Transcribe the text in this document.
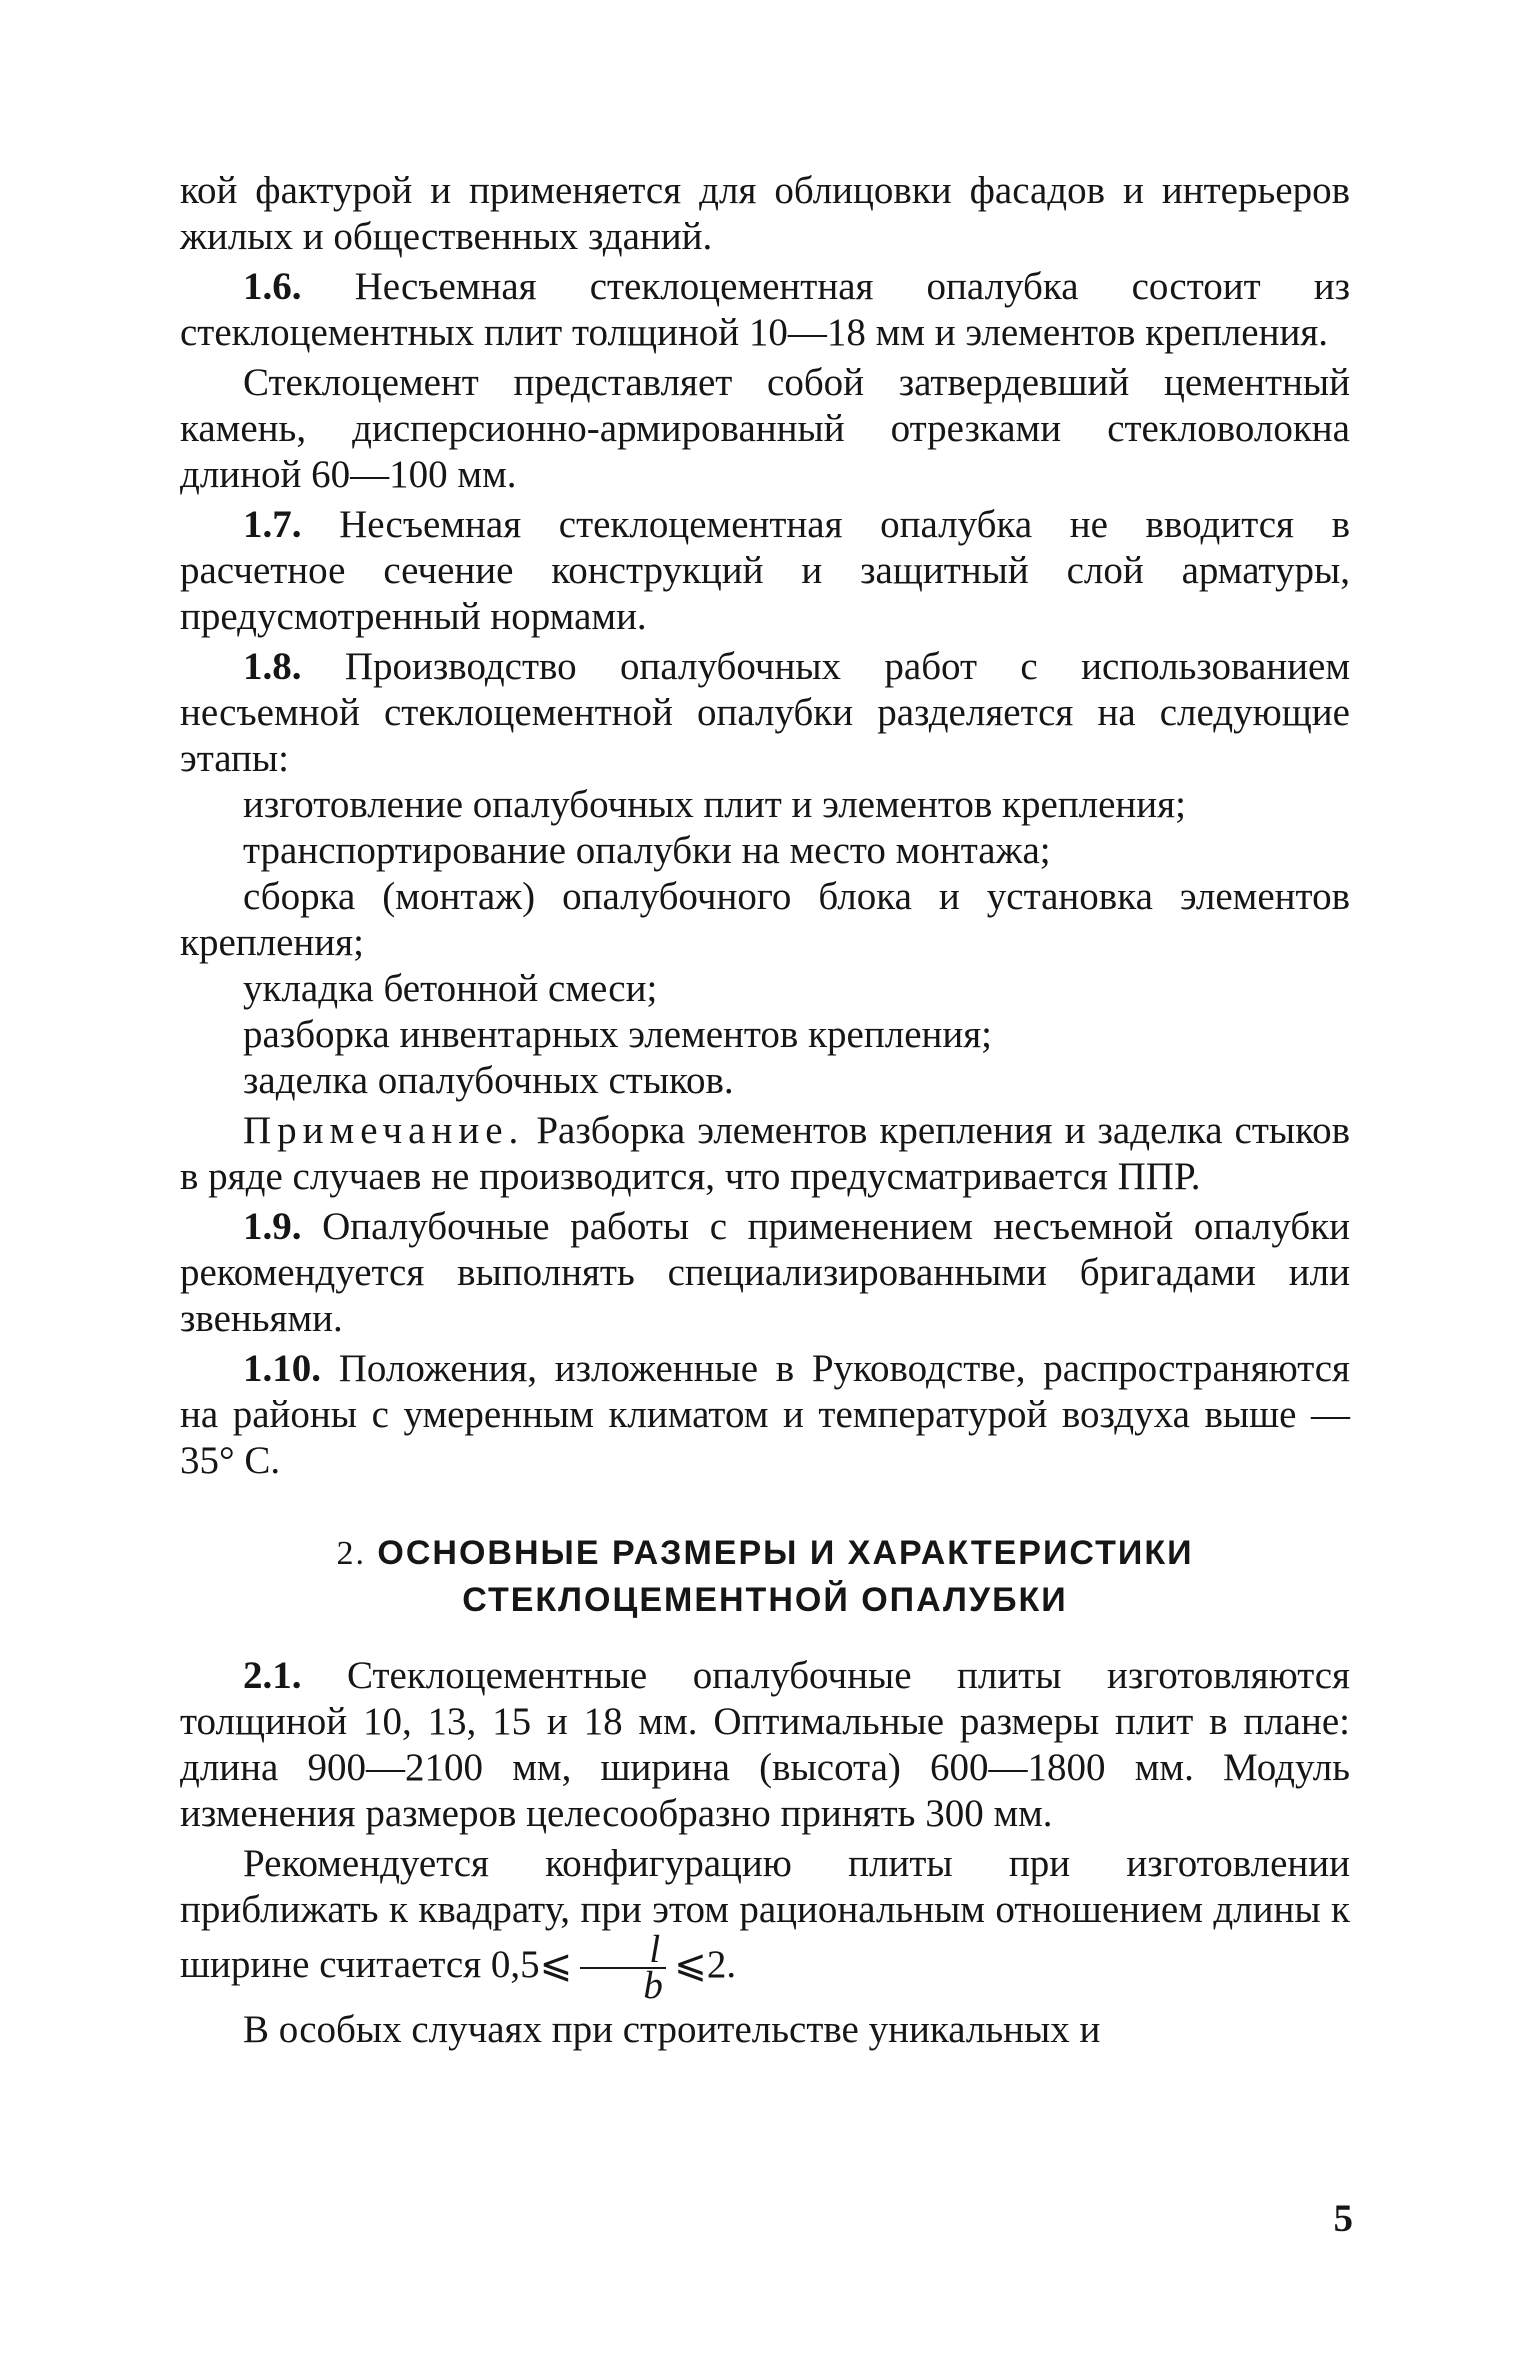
кой фактурой и применяется для облицовки фасадов и интерьеров жилых и общественных зданий.

1.6. Несъемная стеклоцементная опалубка состоит из стеклоцементных плит толщиной 10—18 мм и элементов крепления.

Стеклоцемент представляет собой затвердевший цементный камень, дисперсионно-армированный отрезками стекловолокна длиной 60—100 мм.

1.7. Несъемная стеклоцементная опалубка не вводится в расчетное сечение конструкций и защитный слой арматуры, предусмотренный нормами.

1.8. Производство опалубочных работ с использованием несъемной стеклоцементной опалубки разделяется на следующие этапы:

изготовление опалубочных плит и элементов крепления;

транспортирование опалубки на место монтажа;

сборка (монтаж) опалубочного блока и установка элементов крепления;

укладка бетонной смеси;

разборка инвентарных элементов крепления;

заделка опалубочных стыков.

Примечание. Разборка элементов крепления и заделка стыков в ряде случаев не производится, что предусматривается ППР.

1.9. Опалубочные работы с применением несъемной опалубки рекомендуется выполнять специализированными бригадами или звеньями.

1.10. Положения, изложенные в Руководстве, распространяются на районы с умеренным климатом и температурой воздуха выше —35° С.

2. ОСНОВНЫЕ РАЗМЕРЫ И ХАРАКТЕРИСТИКИ
СТЕКЛОЦЕМЕНТНОЙ ОПАЛУБКИ

2.1. Стеклоцементные опалубочные плиты изготовляются толщиной 10, 13, 15 и 18 мм. Оптимальные размеры плит в плане: длина 900—2100 мм, ширина (высота) 600—1800 мм. Модуль изменения размеров целесообразно принять 300 мм.

Рекомендуется конфигурацию плиты при изготовлении приближать к квадрату, при этом рациональным отношением длины к ширине считается 0,5⩽ $\frac{l}{b}$ ⩽2.

В особых случаях при строительстве уникальных и

5
